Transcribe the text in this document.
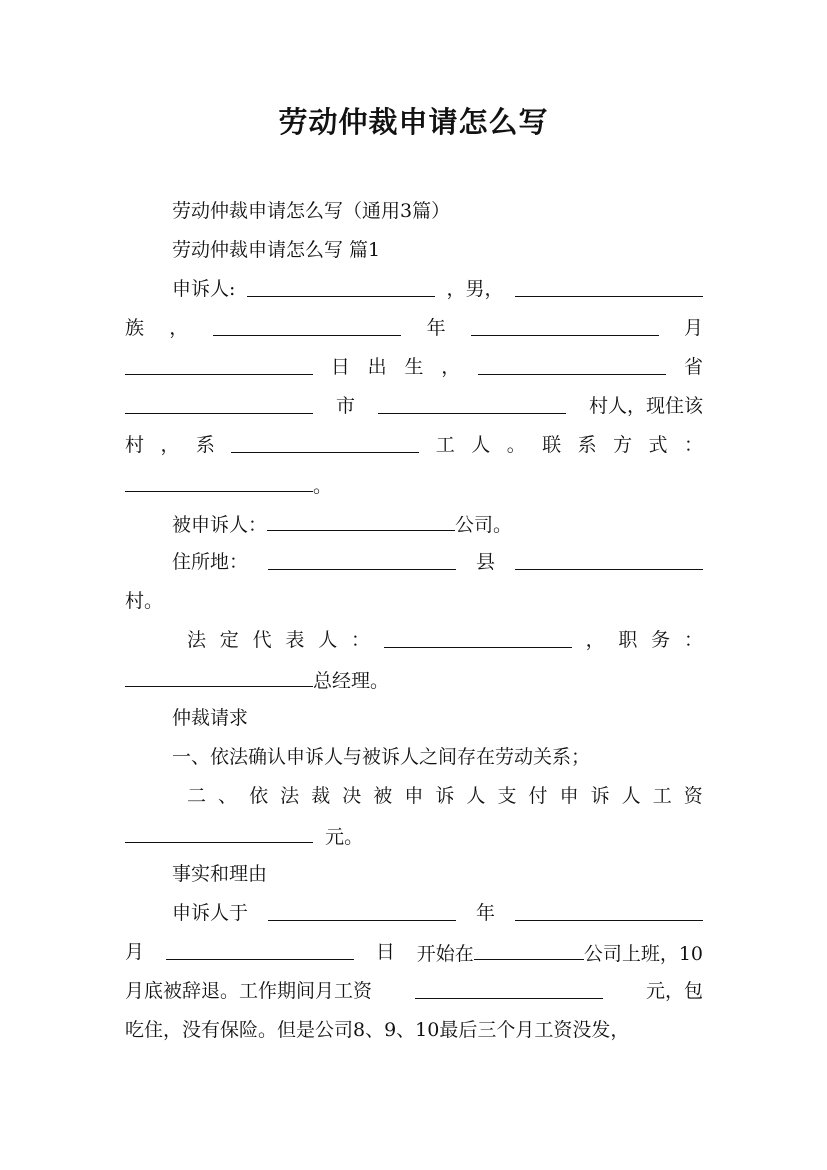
劳动仲裁申请怎么写
劳动仲裁申请怎么写（通用3篇）
劳动仲裁申请怎么写 篇1
申诉人:	，男，
族 ，	年	月
日 出 生 ，	省
市	村人，现住该
村 ， 系	工 人 。 联 系 方 式 ：
。
被申诉人：	公司。
住所地：	县
村。
法 定 代 表 人 ：	， 职 务 ：
总经理。
仲裁请求
一、依法确认申诉人与被诉人之间存在劳动关系；
二 、 依 法 裁 决 被 申 诉 人 支 付 申 诉 人 工 资
元。
事实和理由
申诉人于	年
月	日 开始在	公司上班，10
月底被辞退。工作期间月工资	元，包
吃住，没有保险。但是公司8、9、10最后三个月工资没发，
